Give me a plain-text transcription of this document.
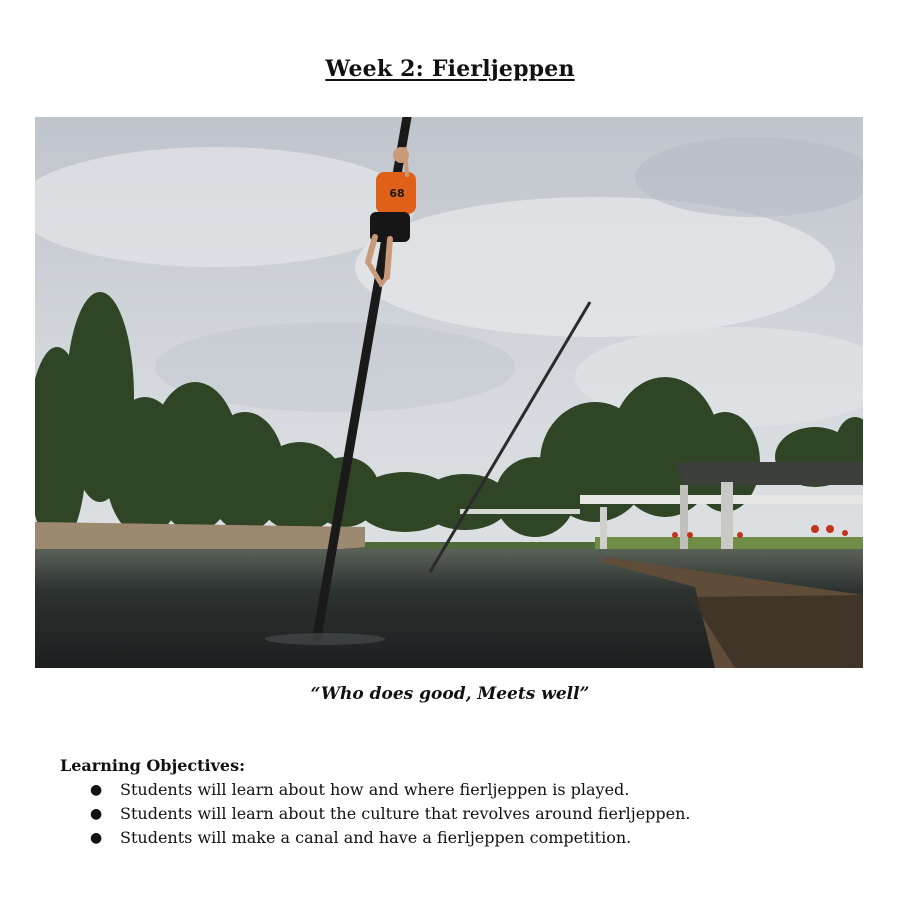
Week 2: Fierljeppen
68
“Who does good, Meets well”
Learning Objectives:
● Students will learn about how and where fierljeppen is played.
● Students will learn about the culture that revolves around fierljeppen.
● Students will make a canal and have a fierljeppen competition.
